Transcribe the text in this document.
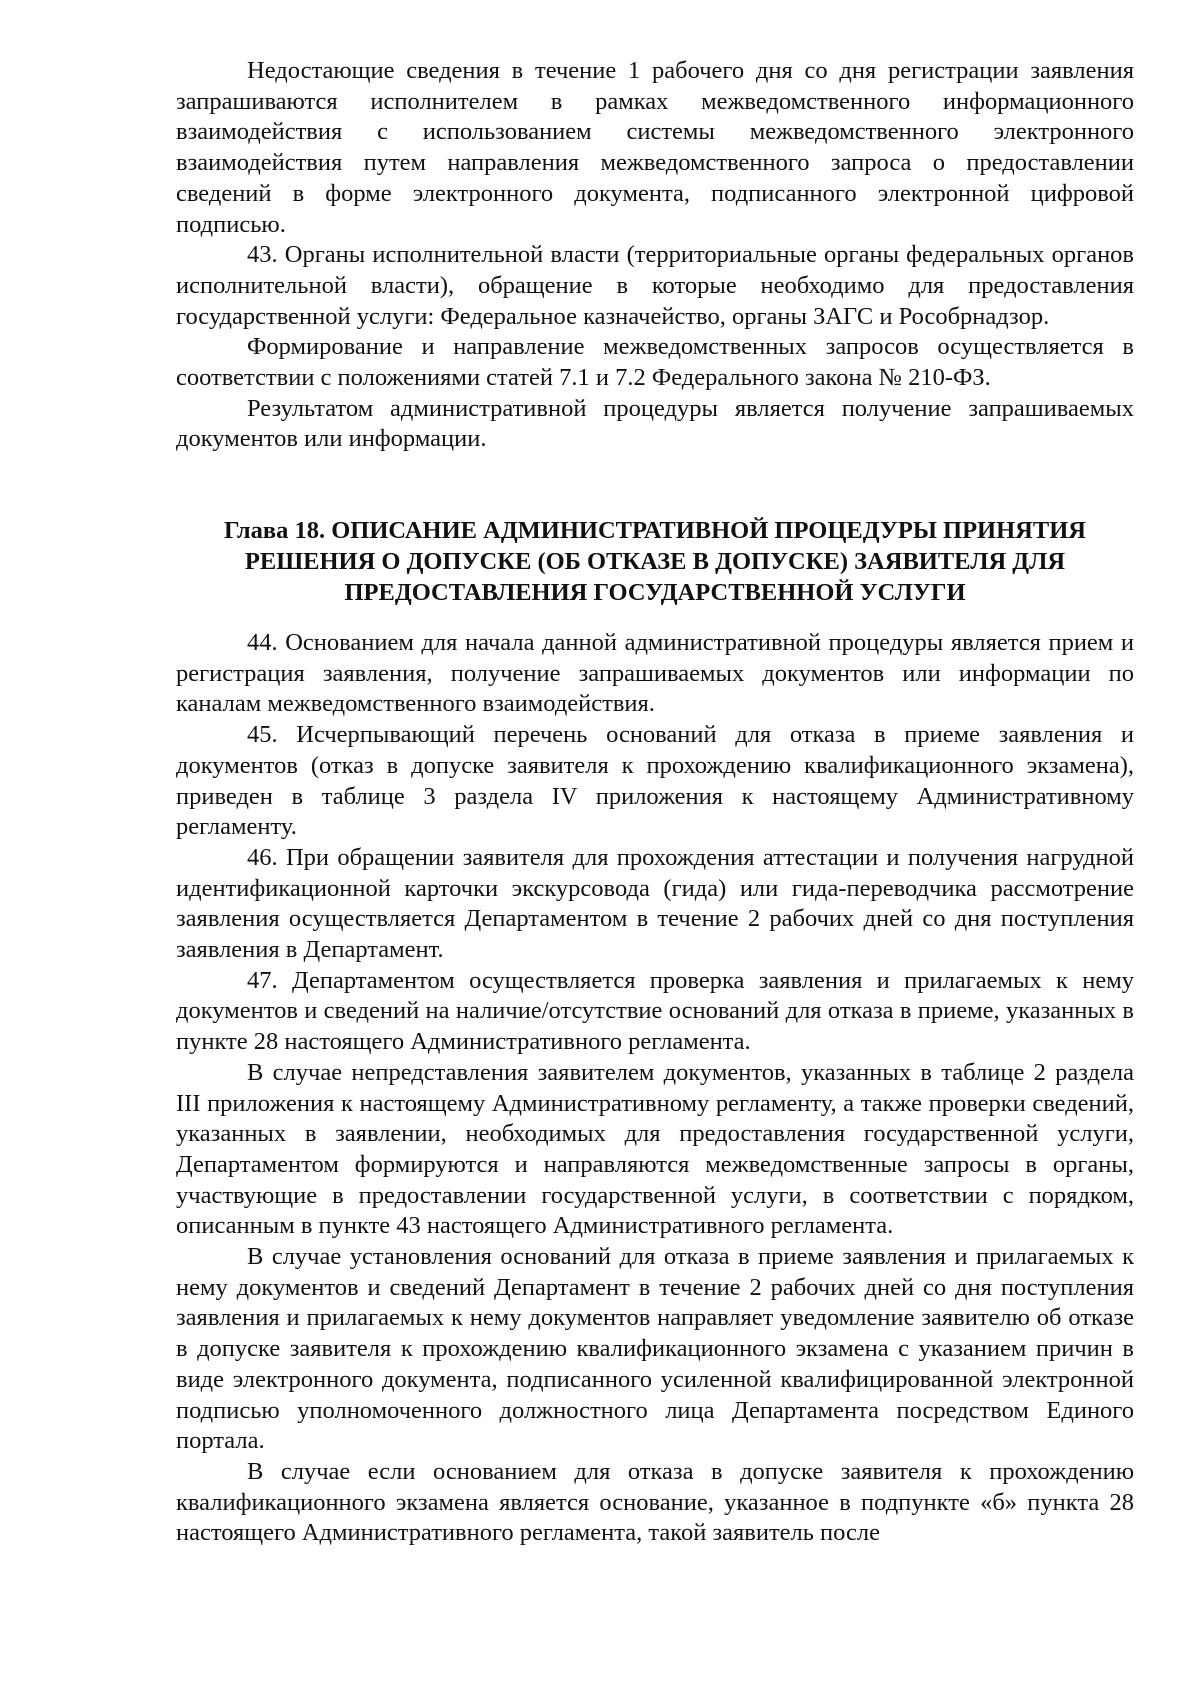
Недостающие сведения в течение 1 рабочего дня со дня регистрации заявления запрашиваются исполнителем в рамках межведомственного информационного взаимодействия с использованием системы межведомственного электронного взаимодействия путем направления межведомственного запроса о предоставлении сведений в форме электронного документа, подписанного электронной цифровой подписью.

43. Органы исполнительной власти (территориальные органы федеральных органов исполнительной власти), обращение в которые необходимо для предоставления государственной услуги: Федеральное казначейство, органы ЗАГС и Рособрнадзор.

Формирование и направление межведомственных запросов осуществляется в соответствии с положениями статей 7.1 и 7.2 Федерального закона № 210-ФЗ.

Результатом административной процедуры является получение запрашиваемых документов или информации.

Глава 18. ОПИСАНИЕ АДМИНИСТРАТИВНОЙ ПРОЦЕДУРЫ ПРИНЯТИЯ
РЕШЕНИЯ О ДОПУСКЕ (ОБ ОТКАЗЕ В ДОПУСКЕ) ЗАЯВИТЕЛЯ ДЛЯ
ПРЕДОСТАВЛЕНИЯ ГОСУДАРСТВЕННОЙ УСЛУГИ

44. Основанием для начала данной административной процедуры является прием и регистрация заявления, получение запрашиваемых документов или информации по каналам межведомственного взаимодействия.

45. Исчерпывающий перечень оснований для отказа в приеме заявления и документов (отказ в допуске заявителя к прохождению квалификационного экзамена), приведен в таблице 3 раздела IV приложения к настоящему Административному регламенту.

46. При обращении заявителя для прохождения аттестации и получения нагрудной идентификационной карточки экскурсовода (гида) или гида-переводчика рассмотрение заявления осуществляется Департаментом в течение 2 рабочих дней со дня поступления заявления в Департамент.

47. Департаментом осуществляется проверка заявления и прилагаемых к нему документов и сведений на наличие/отсутствие оснований для отказа в приеме, указанных в пункте 28 настоящего Административного регламента.

В случае непредставления заявителем документов, указанных в таблице 2 раздела III приложения к настоящему Административному регламенту, а также проверки сведений, указанных в заявлении, необходимых для предоставления государственной услуги, Департаментом формируются и направляются межведомственные запросы в органы, участвующие в предоставлении государственной услуги, в соответствии с порядком, описанным в пункте 43 настоящего Административного регламента.

В случае установления оснований для отказа в приеме заявления и прилагаемых к нему документов и сведений Департамент в течение 2 рабочих дней со дня поступления заявления и прилагаемых к нему документов направляет уведомление заявителю об отказе в допуске заявителя к прохождению квалификационного экзамена с указанием причин в виде электронного документа, подписанного усиленной квалифицированной электронной подписью уполномоченного должностного лица Департамента посредством Единого портала.

В случае если основанием для отказа в допуске заявителя к прохождению квалификационного экзамена является основание, указанное в подпункте «б» пункта 28 настоящего Административного регламента, такой заявитель после
